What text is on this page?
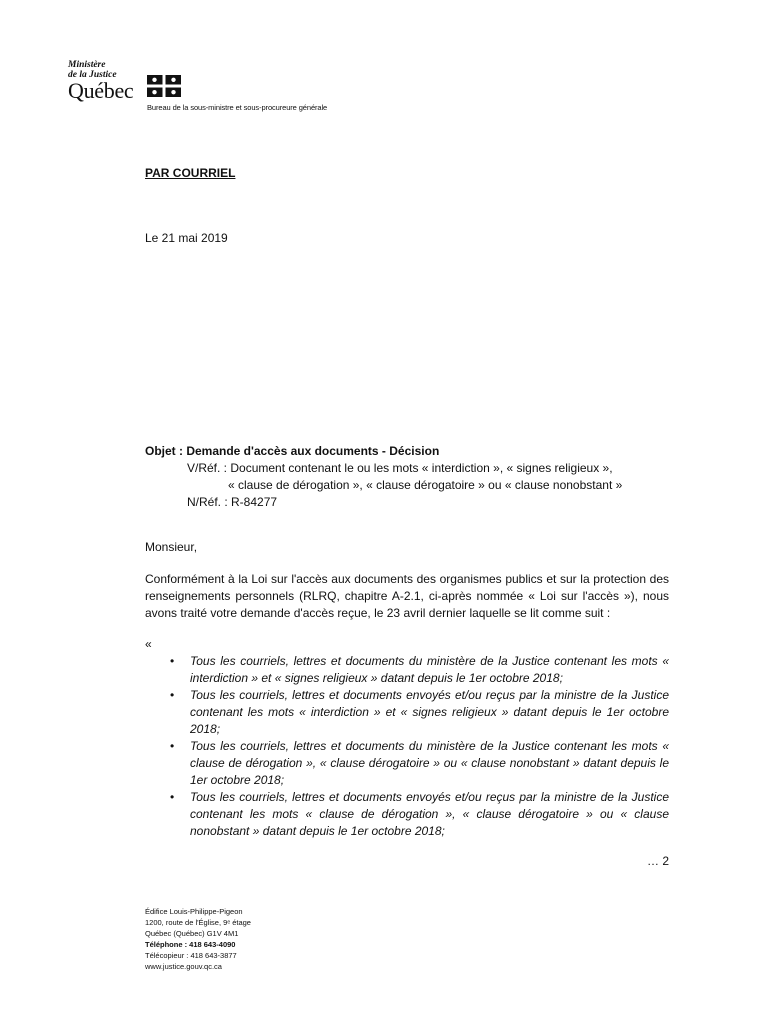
Ministère
de la Justice
Québec
Bureau de la sous-ministre et sous-procureure générale
PAR COURRIEL
Le 21 mai 2019
Objet : Demande d'accès aux documents - Décision
V/Réf. : Document contenant le ou les mots « interdiction », « signes religieux »,
« clause de dérogation », « clause dérogatoire » ou « clause nonobstant »
N/Réf. : R-84277
Monsieur,
Conformément à la Loi sur l'accès aux documents des organismes publics et sur la protection des renseignements personnels (RLRQ, chapitre A-2.1, ci-après nommée « Loi sur l'accès »), nous avons traité votre demande d'accès reçue, le 23 avril dernier laquelle se lit comme suit :
«
• Tous les courriels, lettres et documents du ministère de la Justice contenant les mots « interdiction » et « signes religieux » datant depuis le 1er octobre 2018;
• Tous les courriels, lettres et documents envoyés et/ou reçus par la ministre de la Justice contenant les mots « interdiction » et « signes religieux » datant depuis le 1er octobre 2018;
• Tous les courriels, lettres et documents du ministère de la Justice contenant les mots « clause de dérogation », « clause dérogatoire » ou « clause nonobstant » datant depuis le 1er octobre 2018;
• Tous les courriels, lettres et documents envoyés et/ou reçus par la ministre de la Justice contenant les mots « clause de dérogation », « clause dérogatoire » ou « clause nonobstant » datant depuis le 1er octobre 2018;
… 2
Édifice Louis-Philippe-Pigeon
1200, route de l'Église, 9ᵉ étage
Québec (Québec) G1V 4M1
Téléphone : 418 643-4090
Télécopieur : 418 643-3877
www.justice.gouv.qc.ca
